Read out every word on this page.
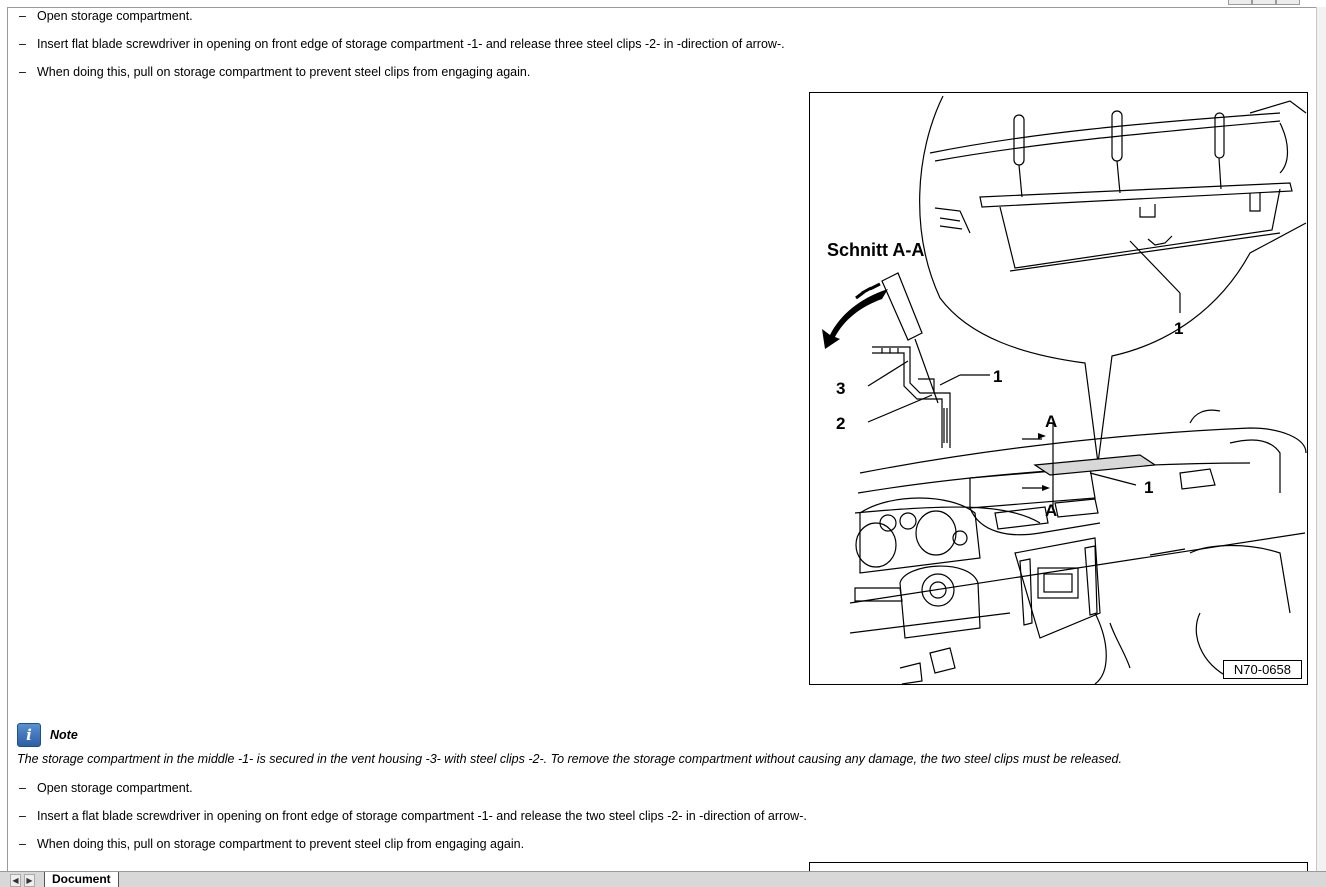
– Open storage compartment.
– Insert flat blade screwdriver in opening on front edge of storage compartment -1- and release three steel clips -2- in -direction of arrow-.
– When doing this, pull on storage compartment to prevent steel clips from engaging again.
Schnitt A-A
1
1
3
2	A
A
1
N70-0658
i	Note
The storage compartment in the middle -1- is secured in the vent housing -3- with steel clips -2-. To remove the storage compartment without causing any damage, the two steel clips must be released.
– Open storage compartment.
– Insert a flat blade screwdriver in opening on front edge of storage compartment -1- and release the two steel clips -2- in -direction of arrow-.
– When doing this, pull on storage compartment to prevent steel clip from engaging again.
◀ ▶	Document
